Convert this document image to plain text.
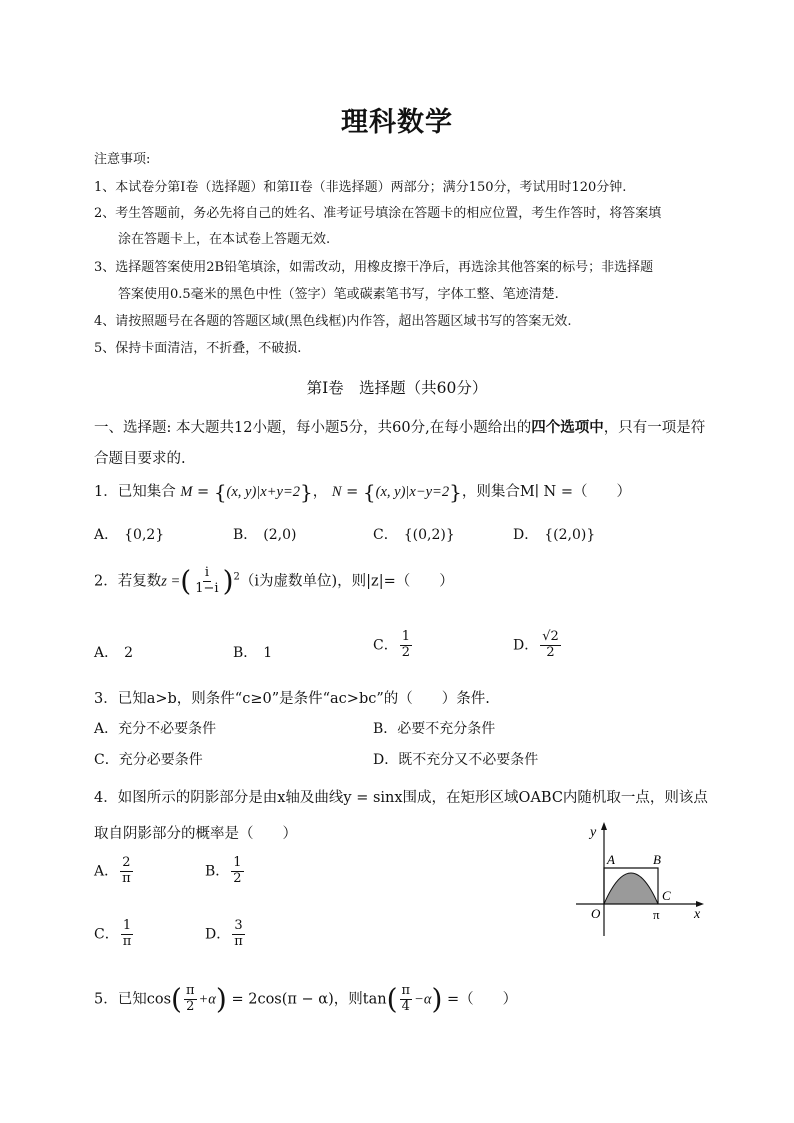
理科数学
注意事项:
1、本试卷分第Ⅰ卷（选择题）和第II卷（非选择题）两部分；满分150分，考试用时120分钟.
2、考生答题前，务必先将自己的姓名、准考证号填涂在答题卡的相应位置，考生作答时，将答案填
涂在答题卡上，在本试卷上答题无效.
3、选择题答案使用2B铅笔填涂，如需改动，用橡皮擦干净后，再选涂其他答案的标号；非选择题
答案使用0.5毫米的黑色中性（签字）笔或碳素笔书写，字体工整、笔迹清楚.
4、请按照题号在各题的答题区域(黑色线框)内作答，超出答题区域书写的答案无效.
5、保持卡面清洁，不折叠，不破损.
第Ⅰ卷　选择题（共60分）
一、选择题: 本大题共12小题，每小题5分，共60分,在每小题给出的四个选项中，只有一项是符
合题目要求的.
1．已知集合 M = {(x, y)|x+y=2}， N = {(x, y)|x−y=2}，则集合M∣ N =（　　）
A． {0,2}	B． (2,0)	C． {(0,2)}	D． {(2,0)}
2．若复数z =( $\frac{i}{1-i} )^2(i$为虚数单位)，则|z|=（　　）
A． 2	B． 1	C． $\frac{1}{2}$	D． $\frac{√2}{2}$
3．已知a>b，则条件“c≥0”是条件“ac>bc”的（　　）条件.
A．充分不必要条件	B．必要不充分条件
C．充分必要条件	D．既不充分又不必要条件
4．如图所示的阴影部分是由x轴及曲线y = sinx围成，在矩形区域OABC内随机取一点，则该点
取自阴影部分的概率是（　　）
A． $\frac{2}{\pi}$	B． $\frac{1}{2}$
C． $\frac{1}{\pi}$	D． $\frac{3}{\pi}$
y
x
A	B
C
O	π
5．已知$\cos( \frac{\pi}{2} +\alpha) = 2\cos(\pi - \alpha)$，则$\tan( \frac{\pi}{4} -\alpha)$ =（　　）
